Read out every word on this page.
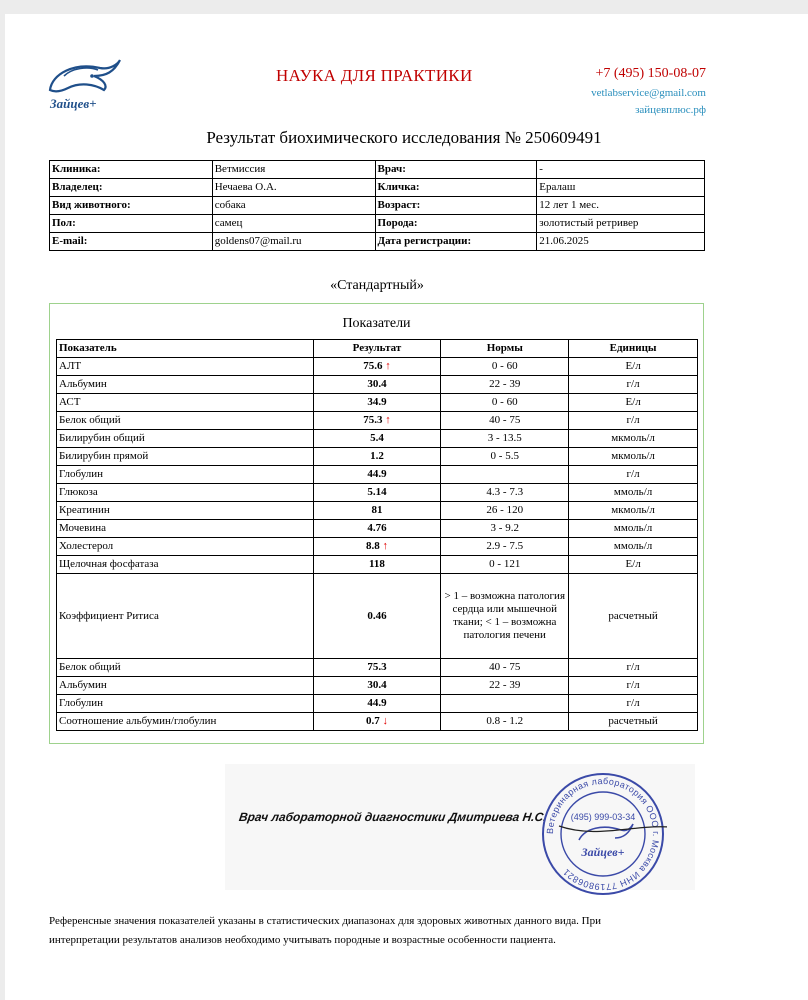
Зайцев+
НАУКА ДЛЯ ПРАКТИКИ	+7 (495) 150-08-07
vetlabservice@gmail.com
зайцевплюс.рф
Результат биохимического исследования № 250609491
Клиника:	Ветмиссия	Врач:	-
Владелец:	Нечаева О.А.	Кличка:	Ералаш
Вид животного:	собака	Возраст:	12 лет 1 мес.
Пол:	самец	Порода:	золотистый ретривер
E-mail:	goldens07@mail.ru	Дата регистрации:	21.06.2025
«Стандартный»
Показатели
Показатель	Результат	Нормы	Единицы
АЛТ	75.6 ↑	0 - 60	Е/л
Альбумин	30.4	22 - 39	г/л
АСТ	34.9	0 - 60	Е/л
Белок общий	75.3 ↑	40 - 75	г/л
Билирубин общий	5.4	3 - 13.5	мкмоль/л
Билирубин прямой	1.2	0 - 5.5	мкмоль/л
Глобулин	44.9		г/л
Глюкоза	5.14	4.3 - 7.3	ммоль/л
Креатинин	81	26 - 120	мкмоль/л
Мочевина	4.76	3 - 9.2	ммоль/л
Холестерол	8.8 ↑	2.9 - 7.5	ммоль/л
Щелочная фосфатаза	118	0 - 121	Е/л
Коэффициент Ритиса	0.46	> 1 – возможна патология сердца или мышечной ткани; < 1 – возможна патология печени	расчетный
Белок общий	75.3	40 - 75	г/л
Альбумин	30.4	22 - 39	г/л
Глобулин	44.9		г/л
Соотношение альбумин/глобулин	0.7 ↓	0.8 - 1.2	расчетный
Врач лабораторной диагностики Дмитриева Н.С.
Ветеринарная лаборатория ООО г. Москва ИНН 7719806821
(495) 999-03-34
Зайцев+
Референсные значения показателей указаны в статистических диапазонах для здоровых животных данного вида. При интерпретации результатов анализов необходимо учитывать породные и возрастные особенности пациента.
